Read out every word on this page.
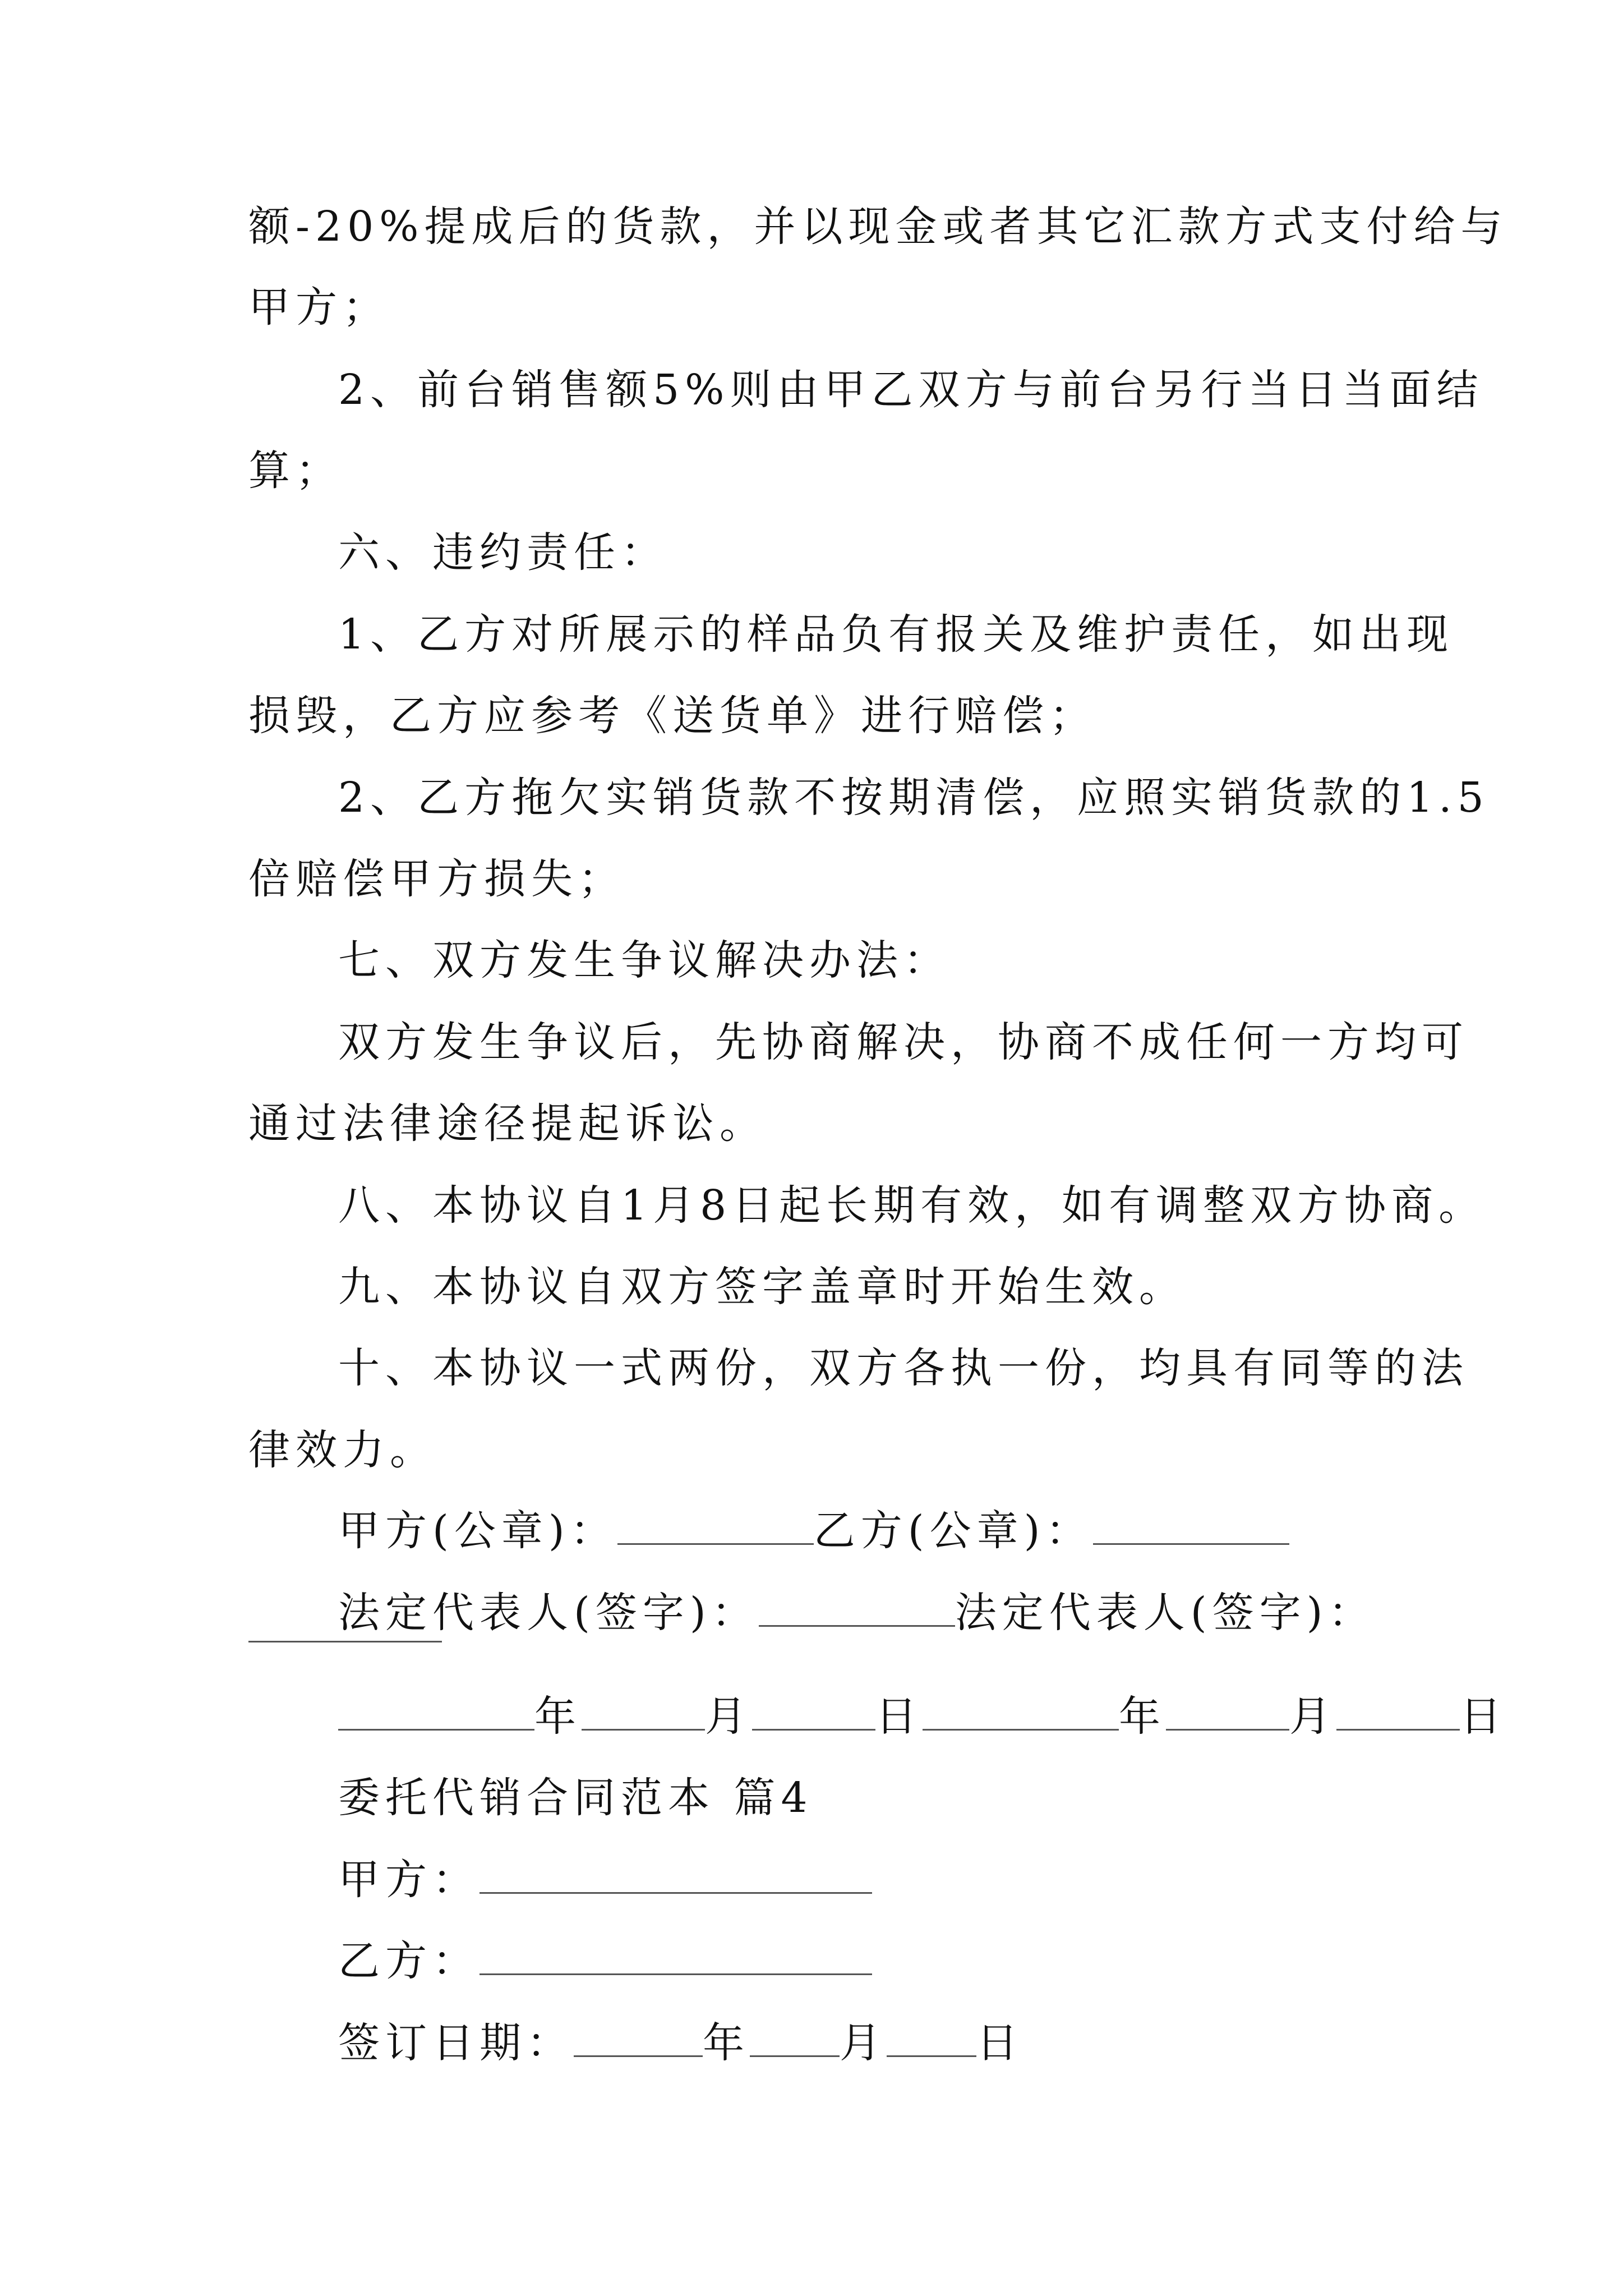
额-20%提成后的货款，并以现金或者其它汇款方式支付给与

甲方；

2、前台销售额5%则由甲乙双方与前台另行当日当面结

算；

六、违约责任：

1、乙方对所展示的样品负有报关及维护责任，如出现

损毁，乙方应参考《送货单》进行赔偿；

2、乙方拖欠实销货款不按期清偿，应照实销货款的1.5

倍赔偿甲方损失；

七、双方发生争议解决办法：

双方发生争议后，先协商解决，协商不成任何一方均可

通过法律途径提起诉讼。

八、本协议自1月8日起长期有效，如有调整双方协商。

九、本协议自双方签字盖章时开始生效。

十、本协议一式两份，双方各执一份，均具有同等的法

律效力。

甲方(公章)：	乙方(公章)：

法定代表人(签字)：	法定代表人(签字)：

年	月	日	年	月	日

委托代销合同范本 篇4

甲方：

乙方：

签订日期：	年 月 日
